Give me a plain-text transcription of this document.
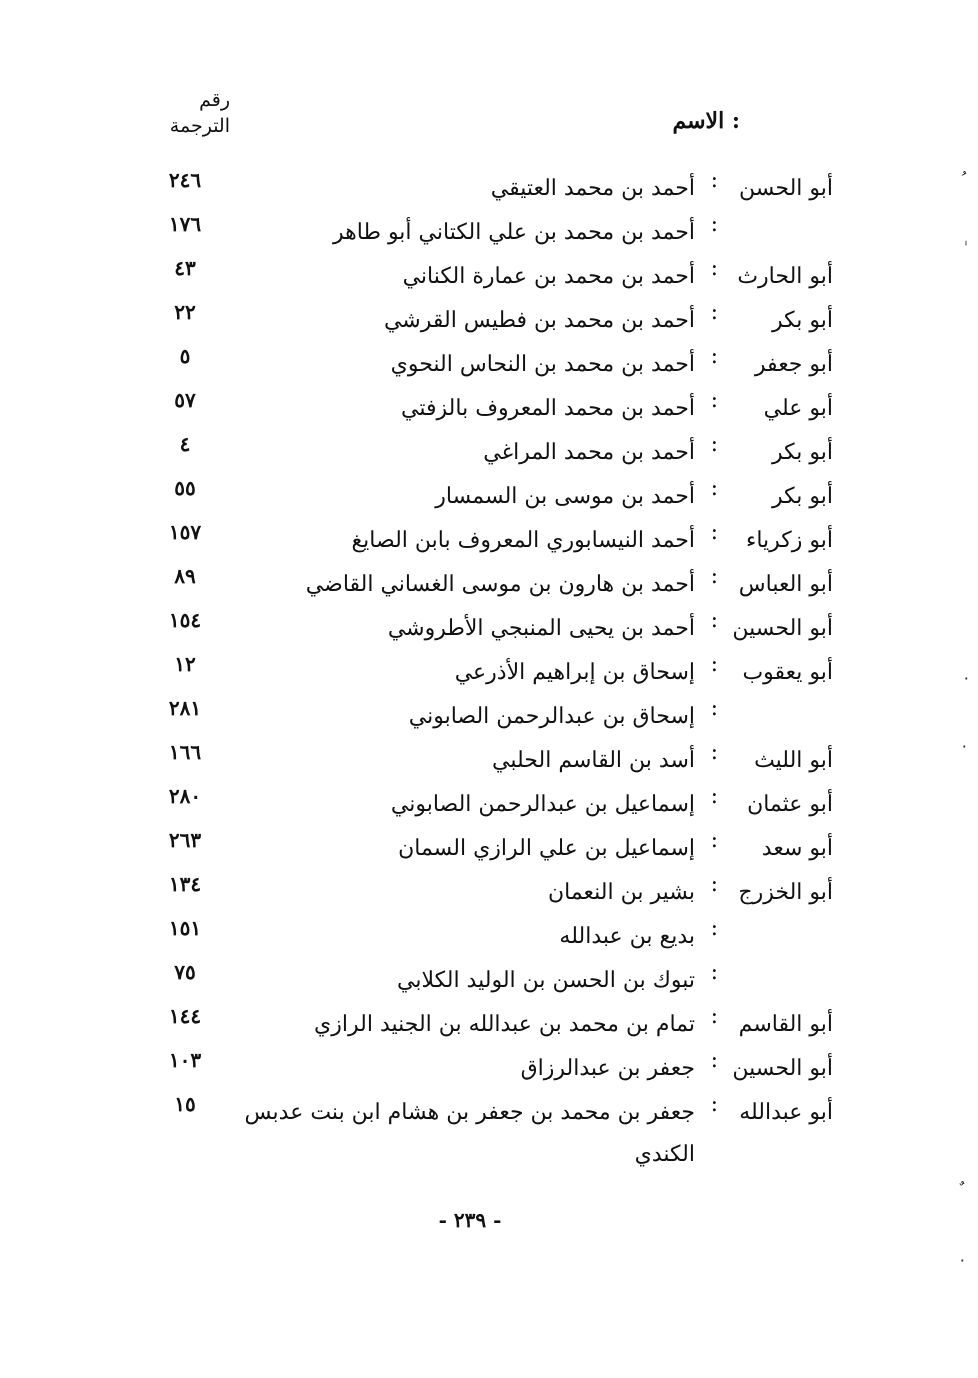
رقم
الترجمة	: الاسم
أبو الحسن
:
أحمد بن محمد العتيقي
٢٤٦
:
أحمد بن محمد بن علي الكتاني أبو طاهر
١٧٦
أبو الحارث
:
أحمد بن محمد بن عمارة الكناني
٤٣
أبو بكر
:
أحمد بن محمد بن فطيس القرشي
٢٢
أبو جعفر
:
أحمد بن محمد بن النحاس النحوي
٥
أبو علي
:
أحمد بن محمد المعروف بالزفتي
٥٧
أبو بكر
:
أحمد بن محمد المراغي
٤
أبو بكر
:
أحمد بن موسى بن السمسار
٥٥
أبو زكرياء
:
أحمد النيسابوري المعروف بابن الصايغ
١٥٧
أبو العباس
:
أحمد بن هارون بن موسى الغساني القاضي
٨٩
أبو الحسين
:
أحمد بن يحيى المنبجي الأطروشي
١٥٤
أبو يعقوب
:
إسحاق بن إبراهيم الأذرعي
١٢
:
إسحاق بن عبدالرحمن الصابوني
٢٨١
أبو الليث
:
أسد بن القاسم الحلبي
١٦٦
أبو عثمان
:
إسماعيل بن عبدالرحمن الصابوني
٢٨٠
أبو سعد
:
إسماعيل بن علي الرازي السمان
٢٦٣
أبو الخزرج
:
بشير بن النعمان
١٣٤
:
بديع بن عبدالله
١٥١
:
تبوك بن الحسن بن الوليد الكلابي
٧٥
أبو القاسم
:
تمام بن محمد بن عبدالله بن الجنيد الرازي
١٤٤
أبو الحسين
:
جعفر بن عبدالرزاق
١٠٣
أبو عبدالله
:
جعفر بن محمد بن جعفر بن هشام ابن بنت عدبس الكندي
١٥
- ٢٣٩ -
٠
٠
٠
